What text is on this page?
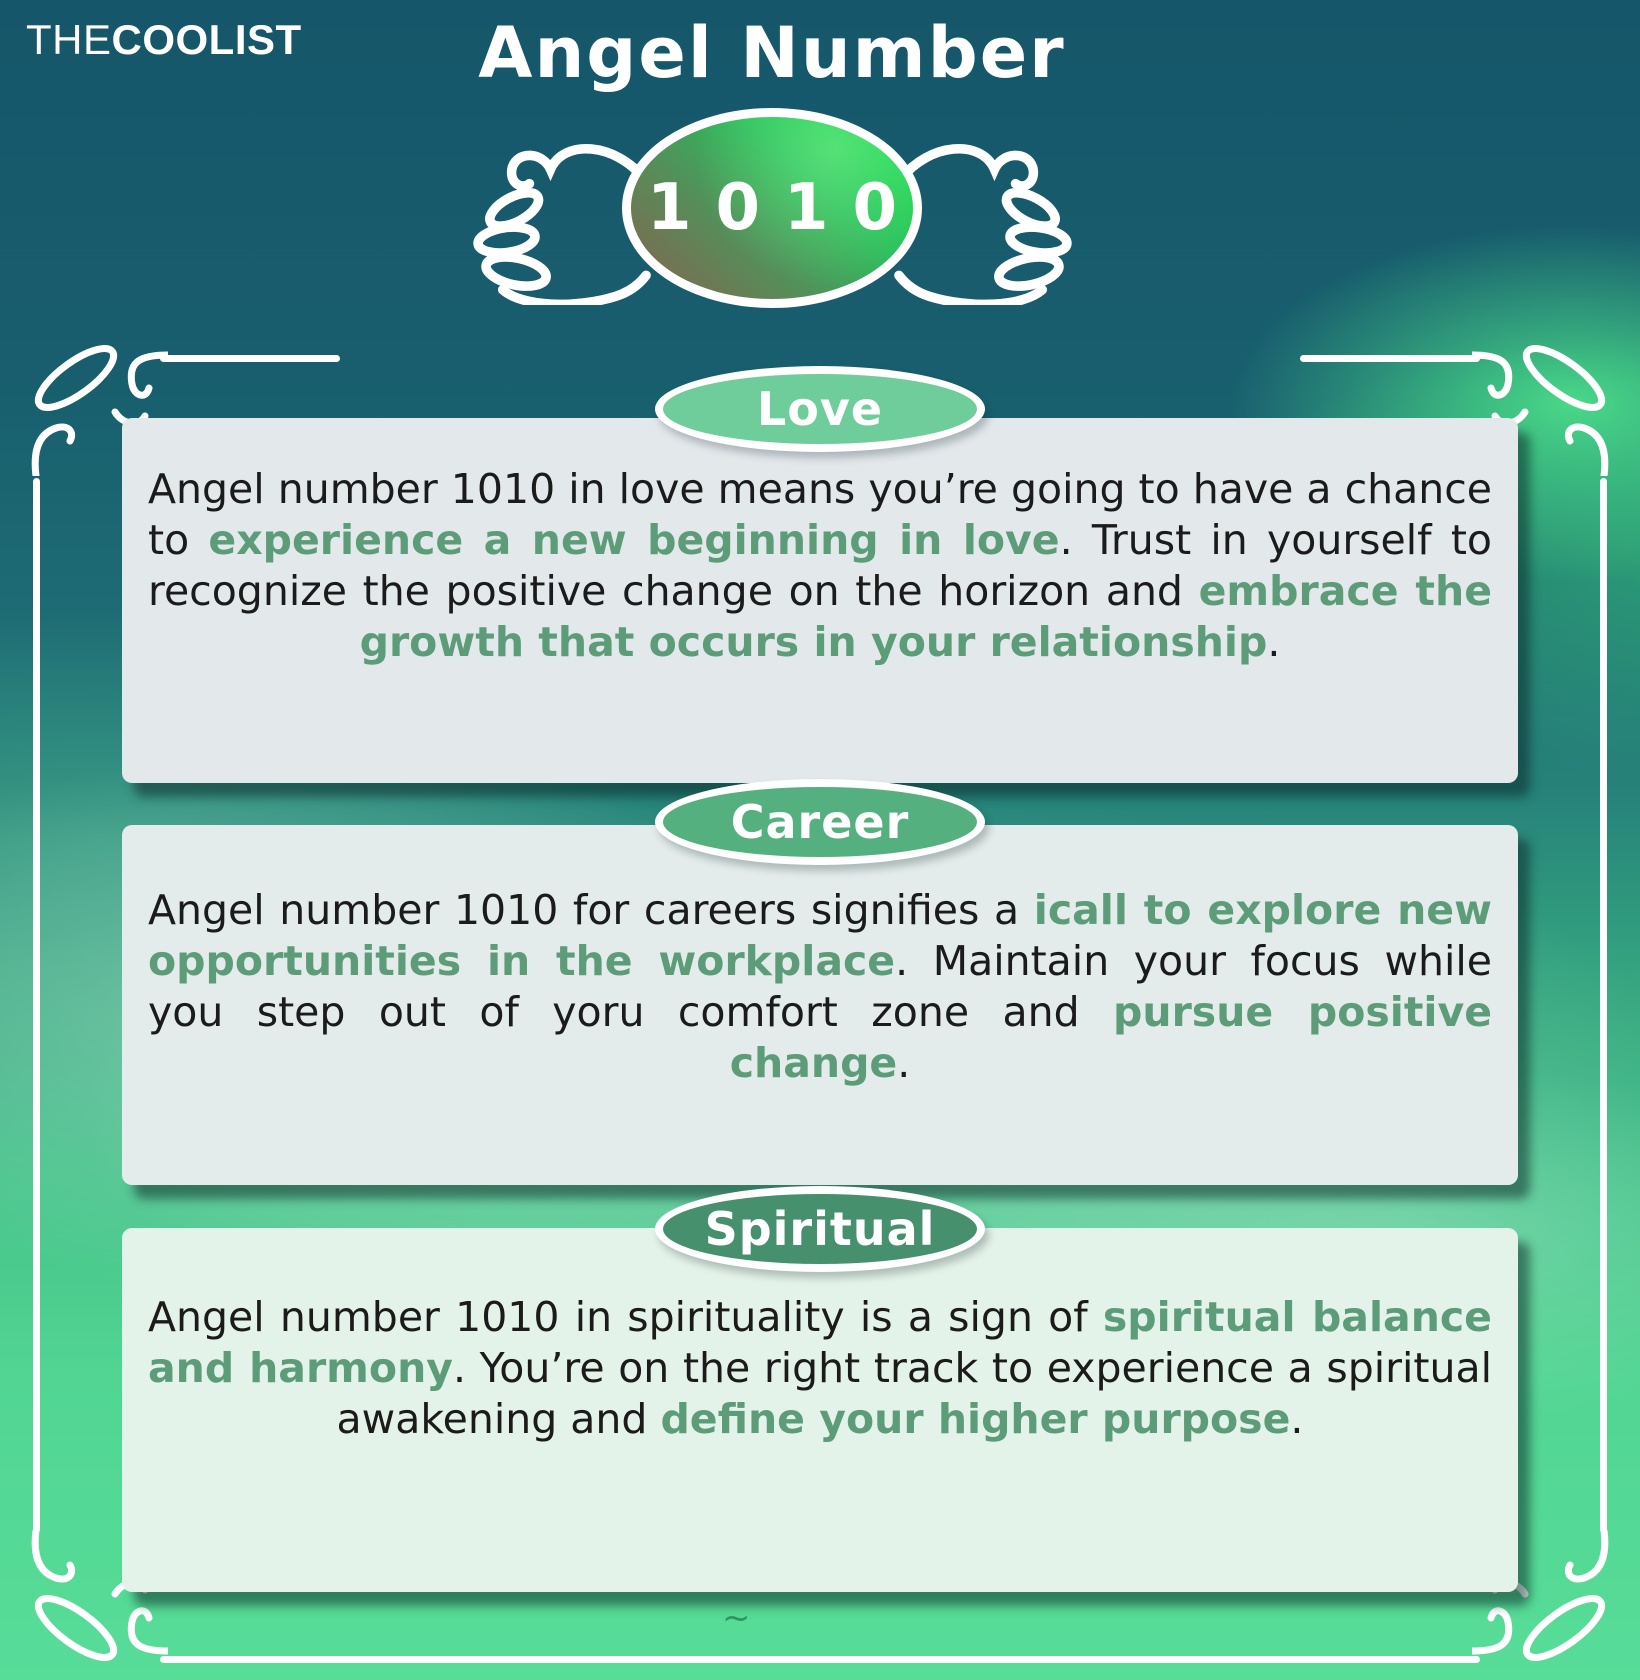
THECOOLIST	Angel Number
1010
Love

Angel number 1010 in love means you’re going to have a chance to experience a new beginning in love. Trust in yourself to recognize the positive change on the horizon and embrace the growth that occurs in your relationship.

Career

Angel number 1010 for careers signifies a icall to explore new opportunities in the workplace. Maintain your focus while you step out of yoru comfort zone and pursue positive change.

Spiritual

Angel number 1010 in spirituality is a sign of spiritual balance and harmony. You’re on the right track to experience a spiritual awakening and define your higher purpose.

~
